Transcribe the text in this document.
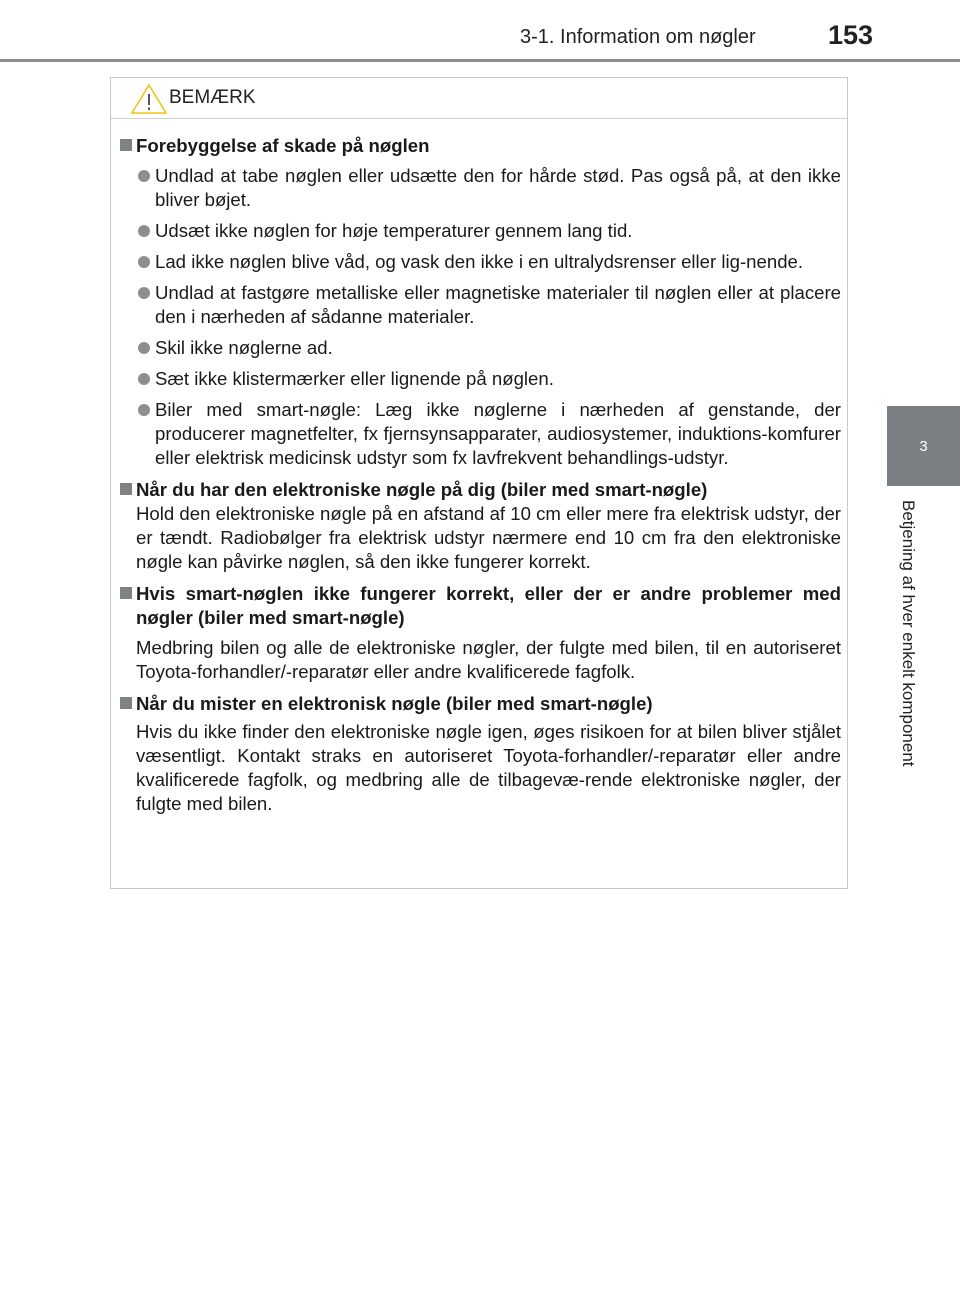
3-1. Information om nøgler	153
3
Betjening af hver enkelt komponent
BEMÆRK

Forebyggelse af skade på nøglen

Undlad at tabe nøglen eller udsætte den for hårde stød. Pas også på, at den ikke bliver bøjet.

Udsæt ikke nøglen for høje temperaturer gennem lang tid.

Lad ikke nøglen blive våd, og vask den ikke i en ultralydsrenser eller lig-nende.

Undlad at fastgøre metalliske eller magnetiske materialer til nøglen eller at placere den i nærheden af sådanne materialer.

Skil ikke nøglerne ad.

Sæt ikke klistermærker eller lignende på nøglen.

Biler med smart-nøgle: Læg ikke nøglerne i nærheden af genstande, der producerer magnetfelter, fx fjernsynsapparater, audiosystemer, induktions-komfurer eller elektrisk medicinsk udstyr som fx lavfrekvent behandlings-udstyr.

Når du har den elektroniske nøgle på dig (biler med smart-nøgle)

Hold den elektroniske nøgle på en afstand af 10 cm eller mere fra elektrisk udstyr, der er tændt. Radiobølger fra elektrisk udstyr nærmere end 10 cm fra den elektroniske nøgle kan påvirke nøglen, så den ikke fungerer korrekt.

Hvis smart-nøglen ikke fungerer korrekt, eller der er andre problemer med nøgler (biler med smart-nøgle)

Medbring bilen og alle de elektroniske nøgler, der fulgte med bilen, til en autoriseret Toyota-forhandler/-reparatør eller andre kvalificerede fagfolk.

Når du mister en elektronisk nøgle (biler med smart-nøgle)

Hvis du ikke finder den elektroniske nøgle igen, øges risikoen for at bilen bliver stjålet væsentligt. Kontakt straks en autoriseret Toyota-forhandler/-reparatør eller andre kvalificerede fagfolk, og medbring alle de tilbagevæ-rende elektroniske nøgler, der fulgte med bilen.
